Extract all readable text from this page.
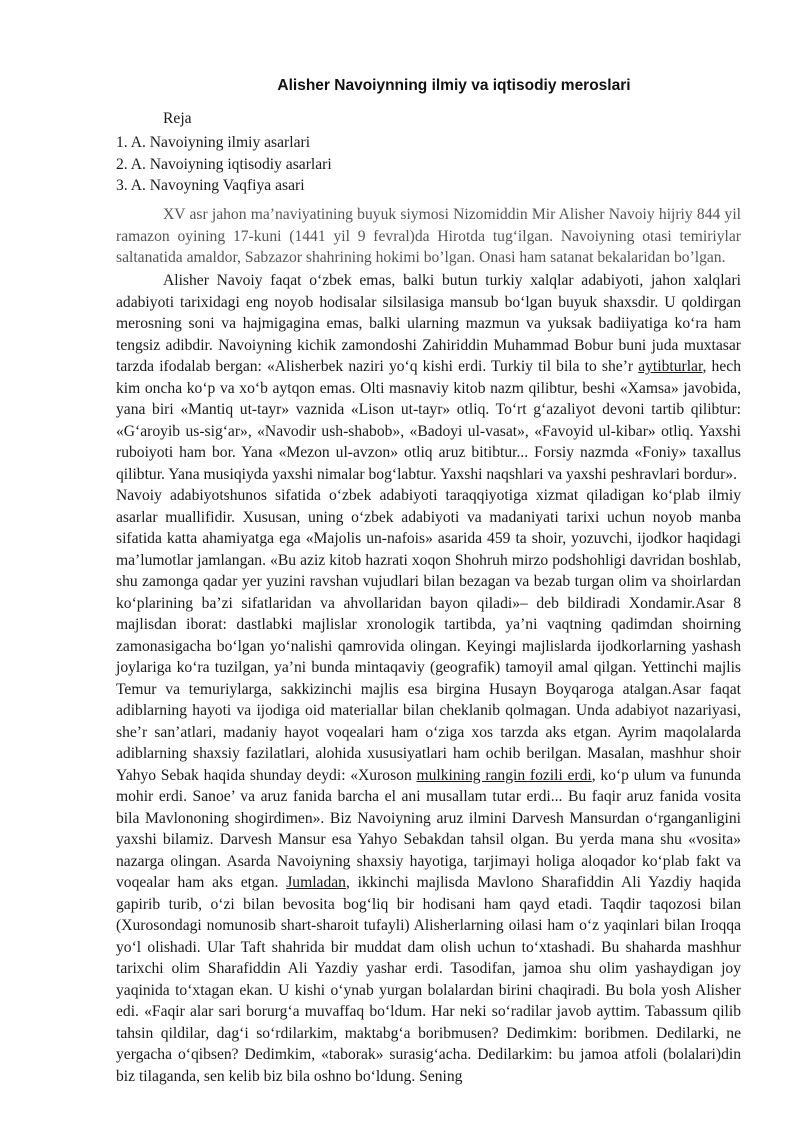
Alisher Navoiynning ilmiy va iqtisodiy meroslari

Reja

1. A. Navoiyning ilmiy asarlari
2. A. Navoiyning iqtisodiy asarlari
3. A. Navoyning Vaqfiya asari

XV asr jahon ma’naviyatining buyuk siymosi Nizomiddin Mir Alisher Navoiy hijriy 844 yil ramazon oyining 17-kuni (1441 yil 9 fevral)da Hirotda tug‘ilgan. Navoiyning otasi temiriylar saltanatida amaldor, Sabzazor shahrining hokimi bo’lgan. Onasi ham satanat bekalaridan bo’lgan.

Alisher Navoiy faqat o‘zbek emas, balki butun turkiy xalqlar adabiyoti, jahon xalqlari adabiyoti tarixidagi eng noyob hodisalar silsilasiga mansub bo‘lgan buyuk shaxsdir. U qoldirgan merosning soni va hajmigagina emas, balki ularning mazmun va yuksak badiiyatiga ko‘ra ham tengsiz adibdir. Navoiyning kichik zamondoshi Zahiriddin Muhammad Bobur buni juda muxtasar tarzda ifodalab bergan: «Alisherbek naziri yo‘q kishi erdi. Turkiy til bila to she’r aytibturlar, hech kim oncha ko‘p va xo‘b aytqon emas. Olti masnaviy kitob nazm qilibtur, beshi «Xamsa» javobida, yana biri «Mantiq ut-tayr» vaznida «Lison ut-tayr» otliq. To‘rt g‘azaliyot devoni tartib qilibtur: «G‘aroyib us-sig‘ar», «Navodir ush-shabob», «Badoyi ul-vasat», «Favoyid ul-kibar» otliq. Yaxshi ruboiyoti ham bor. Yana «Mezon ul-avzon» otliq aruz bitibtur... Forsiy nazmda «Foniy» taxallus qilibtur. Yana musiqiyda yaxshi nimalar bog‘labtur. Yaxshi naqshlari va yaxshi peshravlari bordur».

Navoiy adabiyotshunos sifatida o‘zbek adabiyoti taraqqiyotiga xizmat qiladigan ko‘plab ilmiy asarlar muallifidir. Xususan, uning o‘zbek adabiyoti va madaniyati tarixi uchun noyob manba sifatida katta ahamiyatga ega «Majolis un-nafois» asarida 459 ta shoir, yozuvchi, ijodkor haqidagi ma’lumotlar jamlangan. «Bu aziz kitob hazrati xoqon Shohruh mirzo podshohligi davridan boshlab, shu zamonga qadar yer yuzini ravshan vujudlari bilan bezagan va bezab turgan olim va shoirlardan ko‘plarining ba’zi sifatlaridan va ahvollaridan bayon qiladi»– deb bildiradi Xondamir.Asar 8 majlisdan iborat: dastlabki majlislar xronologik tartibda, ya’ni vaqtning qadimdan shoirning zamonasigacha bo‘lgan yo‘nalishi qamrovida olingan. Keyingi majlislarda ijodkorlarning yashash joylariga ko‘ra tuzilgan, ya’ni bunda mintaqaviy (geografik) tamoyil amal qilgan. Yettinchi majlis Temur va temuriylarga, sakkizinchi majlis esa birgina Husayn Boyqaroga atalgan.Asar faqat adiblarning hayoti va ijodiga oid materiallar bilan cheklanib qolmagan. Unda adabiyot nazariyasi, she’r san’atlari, madaniy hayot voqealari ham o‘ziga xos tarzda aks etgan. Ayrim maqolalarda adiblarning shaxsiy fazilatlari, alohida xususiyatlari ham ochib berilgan. Masalan, mashhur shoir Yahyo Sebak haqida shunday deydi: «Xuroson mulkining rangin fozili erdi, ko‘p ulum va fununda mohir erdi. Sanoe’ va aruz fanida barcha el ani musallam tutar erdi... Bu faqir aruz fanida vosita bila Mavlononing shogirdimen». Biz Navoiyning aruz ilmini Darvesh Mansurdan o‘rganganligini yaxshi bilamiz. Darvesh Mansur esa Yahyo Sebakdan tahsil olgan. Bu yerda mana shu «vosita» nazarga olingan. Asarda Navoiyning shaxsiy hayotiga, tarjimayi holiga aloqador ko‘plab fakt va voqealar ham aks etgan. Jumladan, ikkinchi majlisda Mavlono Sharafiddin Ali Yazdiy haqida gapirib turib, o‘zi bilan bevosita bog‘liq bir hodisani ham qayd etadi. Taqdir taqozosi bilan (Xurosondagi nomunosib shart-sharoit tufayli) Alisherlarning oilasi ham o‘z yaqinlari bilan Iroqqa yo‘l olishadi. Ular Taft shahrida bir muddat dam olish uchun to‘xtashadi. Bu shaharda mashhur tarixchi olim Sharafiddin Ali Yazdiy yashar erdi. Tasodifan, jamoa shu olim yashaydigan joy yaqinida to‘xtagan ekan. U kishi o‘ynab yurgan bolalardan birini chaqiradi. Bu bola yosh Alisher edi. «Faqir alar sari borurg‘a muvaffaq bo‘ldum. Har neki so‘radilar javob ayttim. Tabassum qilib tahsin qildilar, dag‘i so‘rdilarkim, maktabg‘a boribmusen? Dedimkim: boribmen. Dedilarki, ne yergacha o‘qibsen? Dedimkim, «taborak» surasig‘acha. Dedilarkim: bu jamoa atfoli (bolalari)din biz tilaganda, sen kelib biz bila oshno bo‘ldung. Sening
